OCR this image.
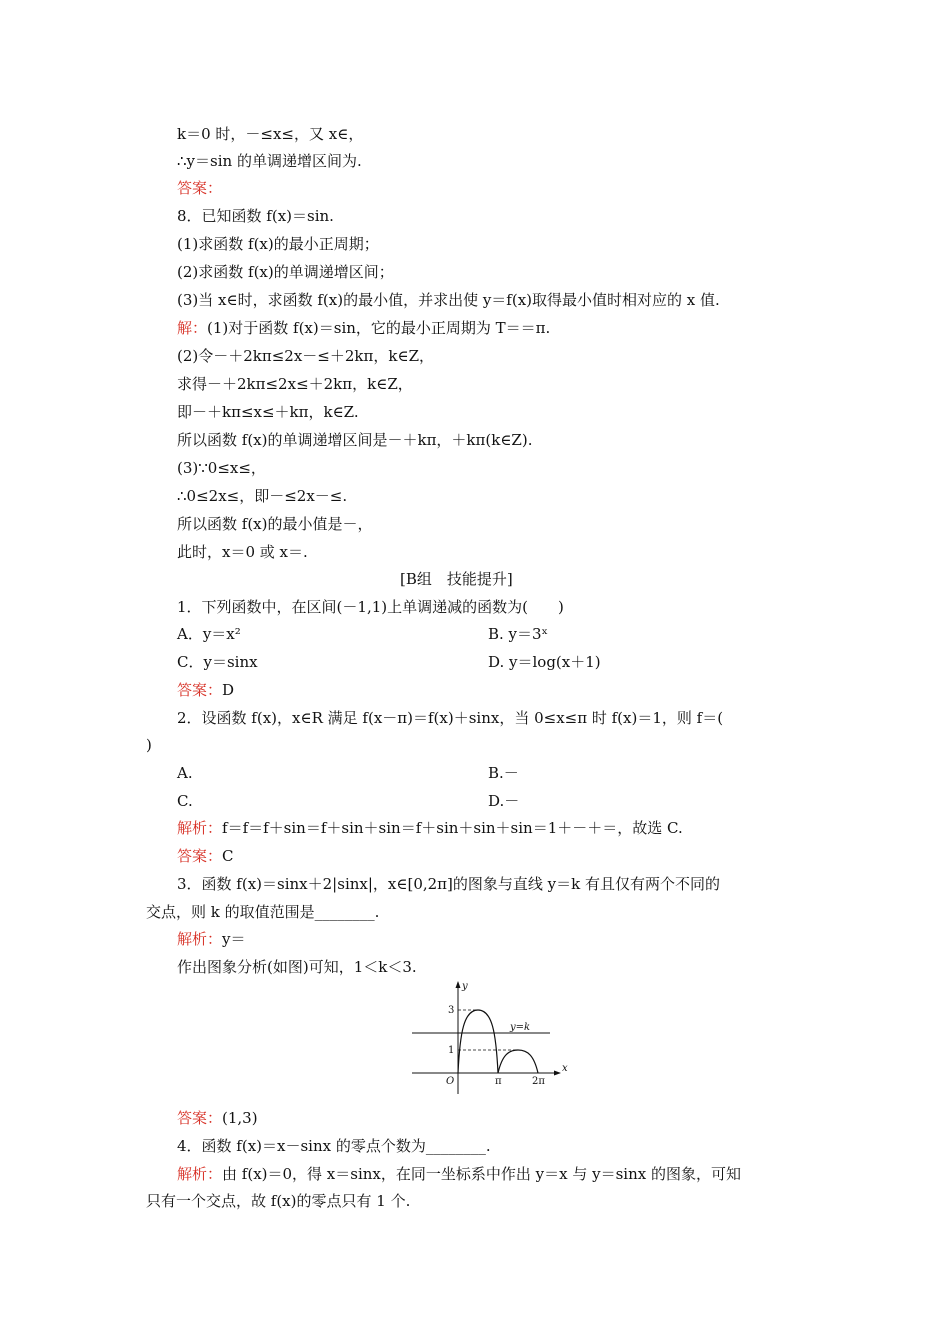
k＝0 时，－≤x≤，又 x∈，
∴y＝sin 的单调递增区间为.
答案：
8．已知函数 f(x)＝sin.
(1)求函数 f(x)的最小正周期；
(2)求函数 f(x)的单调递增区间；
(3)当 x∈时，求函数 f(x)的最小值，并求出使 y＝f(x)取得最小值时相对应的 x 值.
解：(1)对于函数 f(x)＝sin，它的最小正周期为 T＝＝π.
(2)令－＋2kπ≤2x－≤＋2kπ，k∈Z，
求得－＋2kπ≤2x≤＋2kπ，k∈Z，
即－＋kπ≤x≤＋kπ，k∈Z.
所以函数 f(x)的单调递增区间是－＋kπ，＋kπ(k∈Z).
(3)∵0≤x≤，
∴0≤2x≤，即－≤2x－≤.
所以函数 f(x)的最小值是－，
此时，x＝0 或 x＝.
[B组　技能提升]
1．下列函数中，在区间(－1,1)上单调递减的函数为(　　)
A．y＝x²	B. y＝3ˣ
C．y＝sinx	D. y＝log(x＋1)
答案：D
2．设函数 f(x)，x∈R 满足 f(x－π)＝f(x)＋sinx，当 0≤x≤π 时 f(x)＝1，则 f＝(
)
A.	B.－
C.	D.－
解析：f＝f＝f＋sin＝f＋sin＋sin＝f＋sin＋sin＋sin＝1＋－＋＝，故选 C.
答案：C
3．函数 f(x)＝sinx＋2|sinx|，x∈[0,2π]的图象与直线 y＝k 有且仅有两个不同的
交点，则 k 的取值范围是________.
解析：y＝
作出图象分析(如图)可知，1＜k＜3.
y
x
3
1
O	π	2π
y=k
答案：(1,3)
4．函数 f(x)＝x－sinx 的零点个数为________.
解析：由 f(x)＝0，得 x＝sinx，在同一坐标系中作出 y＝x 与 y＝sinx 的图象，可知
只有一个交点，故 f(x)的零点只有 1 个.
